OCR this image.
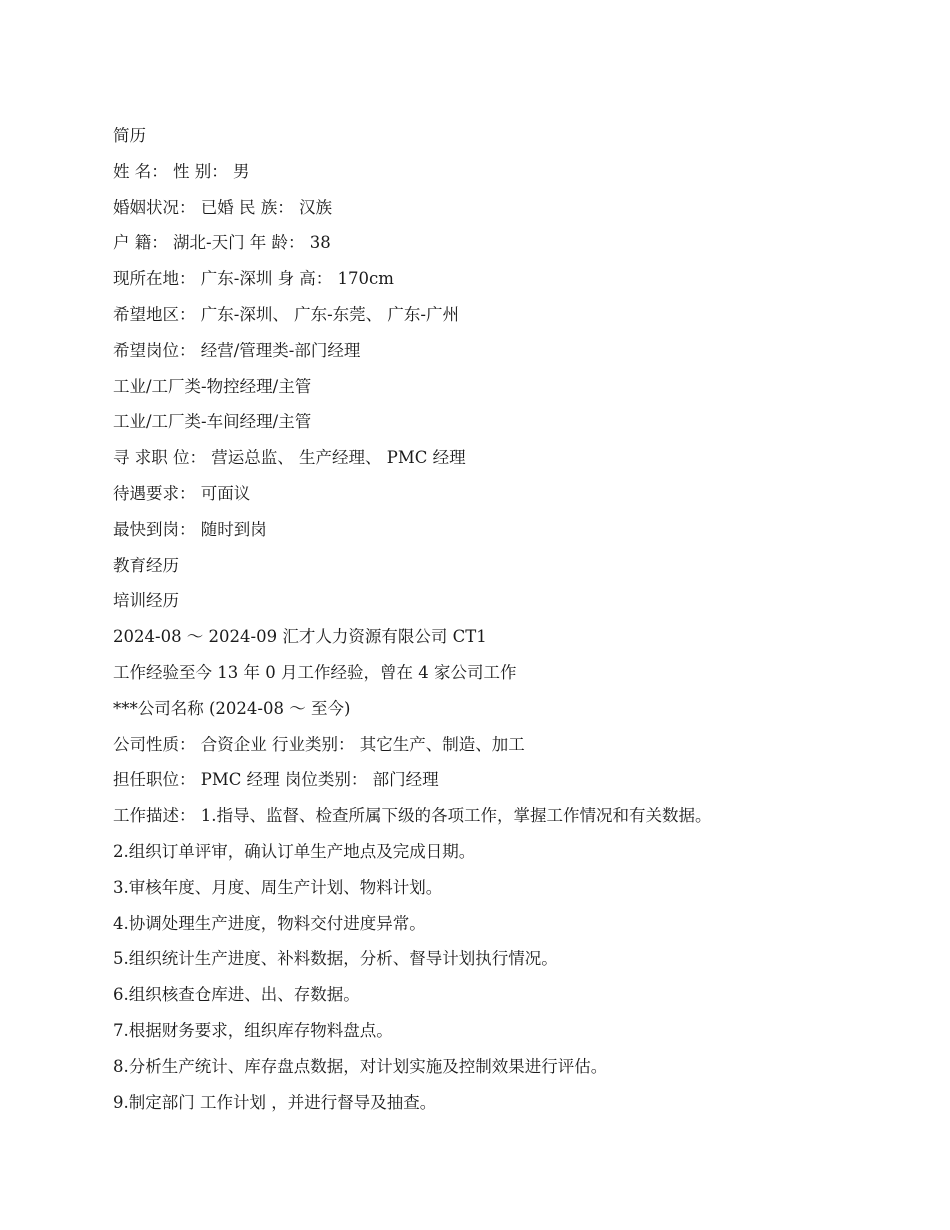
简历
姓 名： 性 别： 男
婚姻状况： 已婚 民 族： 汉族
户 籍： 湖北-天门 年 龄： 38
现所在地： 广东-深圳 身 高： 170cm
希望地区： 广东-深圳、 广东-东莞、 广东-广州
希望岗位： 经营/管理类-部门经理
工业/工厂类-物控经理/主管
工业/工厂类-车间经理/主管
寻 求职 位： 营运总监、 生产经理、 PMC 经理
待遇要求： 可面议
最快到岗： 随时到岗
教育经历
培训经历
2024-08 ～ 2024-09 汇才人力资源有限公司 CT1
工作经验至今 13 年 0 月工作经验，曾在 4 家公司工作
***公司名称 (2024-08 ～ 至今)
公司性质： 合资企业 行业类别： 其它生产、制造、加工
担任职位： PMC 经理 岗位类别： 部门经理
工作描述： 1.指导、监督、检查所属下级的各项工作，掌握工作情况和有关数据。
2.组织订单评审，确认订单生产地点及完成日期。
3.审核年度、月度、周生产计划、物料计划。
4.协调处理生产进度，物料交付进度异常。
5.组织统计生产进度、补料数据，分析、督导计划执行情况。
6.组织核查仓库进、出、存数据。
7.根据财务要求，组织库存物料盘点。
8.分析生产统计、库存盘点数据，对计划实施及控制效果进行评估。
9.制定部门 工作计划 ，并进行督导及抽查。
